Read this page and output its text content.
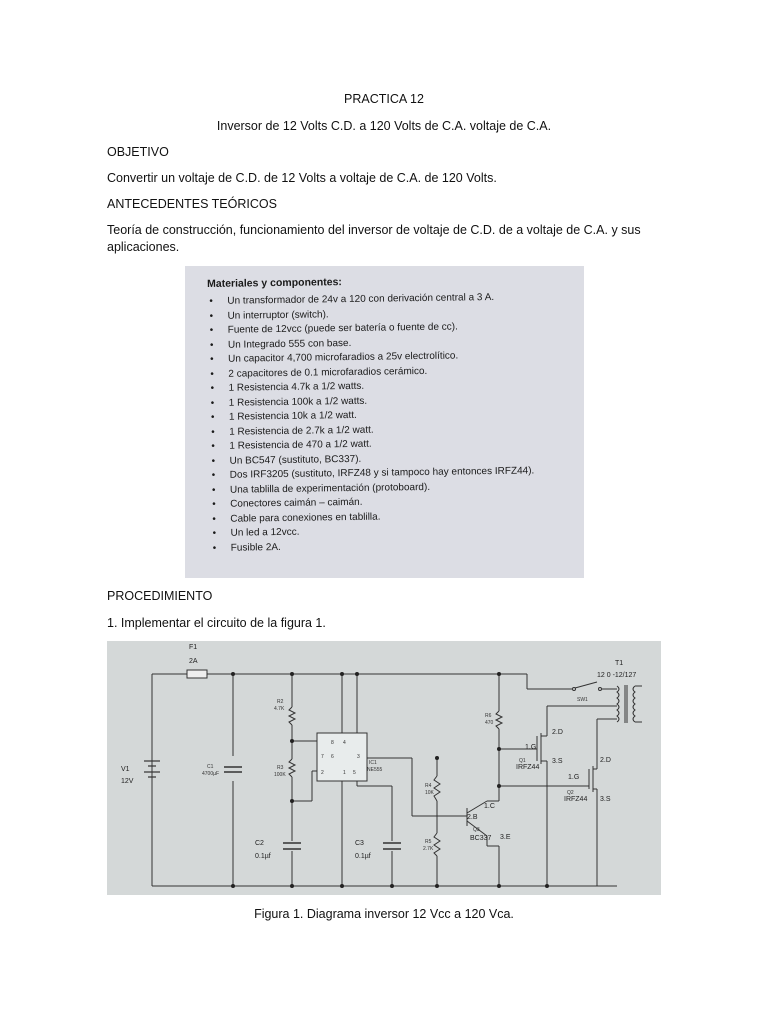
PRACTICA 12
Inversor de 12 Volts C.D. a 120 Volts de C.A. voltaje de C.A.
OBJETIVO
Convertir un voltaje de C.D. de 12 Volts a voltaje de C.A. de 120 Volts.
ANTECEDENTES TEÓRICOS
Teoría de construcción, funcionamiento del inversor de voltaje de C.D. de a voltaje de C.A. y sus
aplicaciones.
Materiales y componentes:
• Un transformador de 24v a 120 con derivación central a 3 A.
• Un interruptor (switch).
• Fuente de 12vcc (puede ser batería o fuente de cc).
• Un Integrado 555 con base.
• Un capacitor 4,700 microfaradios a 25v electrolítico.
• 2 capacitores de 0.1 microfaradios cerámico.
• 1 Resistencia 4.7k a 1/2 watts.
• 1 Resistencia 100k a 1/2 watts.
• 1 Resistencia 10k a 1/2 watt.
• 1 Resistencia de 2.7k a 1/2 watt.
• 1 Resistencia de 470 a 1/2 watt.
• Un BC547 (sustituto, BC337).
• Dos IRF3205 (sustituto, IRFZ48 y si tampoco hay entonces IRFZ44).
• Una tablilla de experimentación (protoboard).
• Conectores caimán – caimán.
• Cable para conexiones en tablilla.
• Un led a 12vcc.
• Fusible 2A.
PROCEDIMIENTO
1. Implementar el circuito de la figura 1.
F1
2A
V1
12V
C1
4700µF
R2
4.7K
R3
100K
C2
0.1µf
C3
0.1µf
IC1
NE555
8 4
7 6
2
3
1 5
R6
470
R4
10K
R5
2.7K
Q1
IRFZ44
1.G
2.D
3.S
Q2
IRFZ44
1.G
2.D
3.S
1.C
2.B
3.E
Q3
BC337
T1
12 0 -12/127
SW1
Figura 1. Diagrama inversor 12 Vcc a 120 Vca.
